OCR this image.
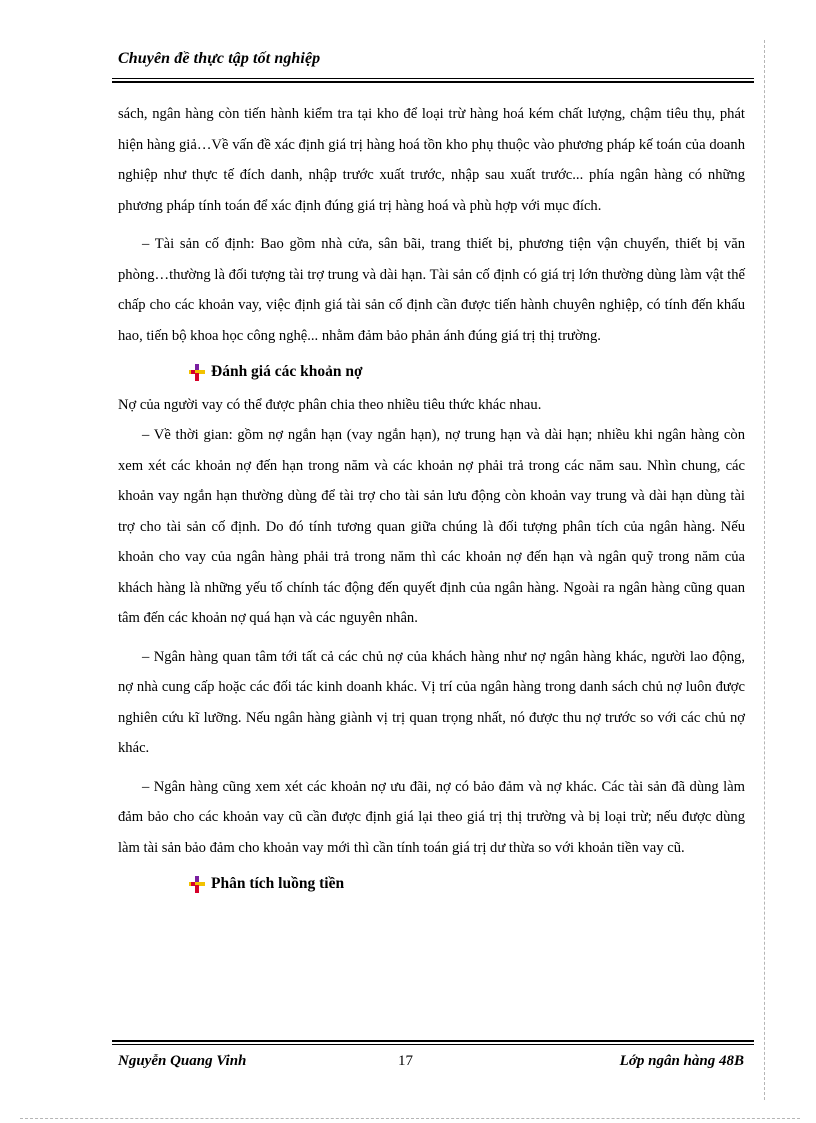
Chuyên đề thực tập tốt nghiệp

sách, ngân hàng còn tiến hành kiểm tra tại kho để loại trừ hàng hoá kém chất lượng, chậm tiêu thụ, phát hiện hàng giả…Về vấn đề xác định giá trị hàng hoá tồn kho phụ thuộc vào phương pháp kế toán của doanh nghiệp như thực tế đích danh, nhập trước xuất trước, nhập sau xuất trước... phía ngân hàng có những phương pháp tính toán để xác định đúng giá trị hàng hoá và phù hợp với mục đích.

– Tài sản cố định: Bao gồm nhà cửa, sân bãi, trang thiết bị, phương tiện vận chuyển, thiết bị văn phòng…thường là đối tượng tài trợ trung và dài hạn. Tài sản cố định có giá trị lớn thường dùng làm vật thế chấp cho các khoản vay, việc định giá tài sản cố định cần được tiến hành chuyên nghiệp, có tính đến khấu hao, tiến bộ khoa học công nghệ... nhằm đảm bảo phản ánh đúng giá trị thị trường.

Đánh giá các khoản nợ

Nợ của người vay có thể được phân chia theo nhiều tiêu thức khác nhau.

– Về thời gian: gồm nợ ngắn hạn (vay ngắn hạn), nợ trung hạn và dài hạn; nhiều khi ngân hàng còn xem xét các khoản nợ đến hạn trong năm và các khoản nợ phải trả trong các năm sau. Nhìn chung, các khoản vay ngắn hạn thường dùng để tài trợ cho tài sản lưu động còn khoản vay trung và dài hạn dùng tài trợ cho tài sản cố định. Do đó tính tương quan giữa chúng là đối tượng phân tích của ngân hàng. Nếu khoản cho vay của ngân hàng phải trả trong năm thì các khoản nợ đến hạn và ngân quỹ trong năm của khách hàng là những yếu tố chính tác động đến quyết định của ngân hàng. Ngoài ra ngân hàng cũng quan tâm đến các khoản nợ quá hạn và các nguyên nhân.

– Ngân hàng quan tâm tới tất cả các chủ nợ của khách hàng như nợ ngân hàng khác, người lao động, nợ nhà cung cấp hoặc các đối tác kinh doanh khác. Vị trí của ngân hàng trong danh sách chủ nợ luôn được nghiên cứu kĩ lưỡng. Nếu ngân hàng giành vị trị quan trọng nhất, nó được thu nợ trước so với các chủ nợ khác.

– Ngân hàng cũng xem xét các khoản nợ ưu đãi, nợ có bảo đảm và nợ khác. Các tài sản đã dùng làm đảm bảo cho các khoản vay cũ cần được định giá lại theo giá trị thị trường và bị loại trừ; nếu được dùng làm tài sản bảo đảm cho khoản vay mới thì cần tính toán giá trị dư thừa so với khoản tiền vay cũ.

Phân tích luồng tiền
Nguyễn Quang Vinh	17	Lớp ngân hàng 48B
